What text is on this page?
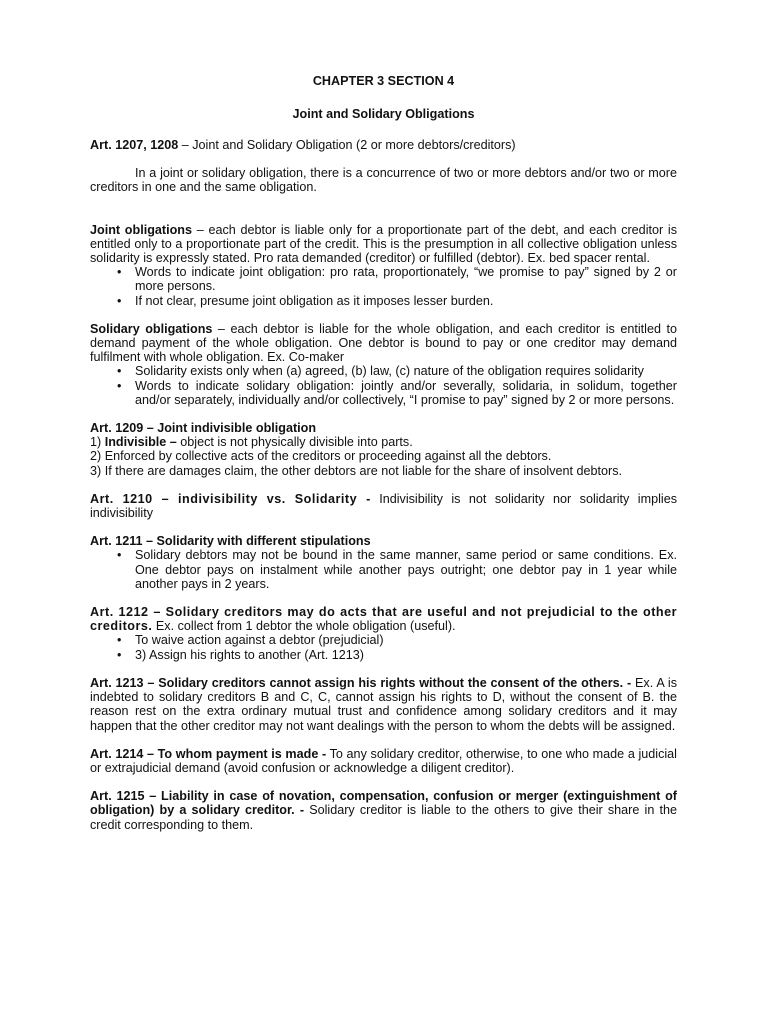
CHAPTER 3 SECTION 4

Joint and Solidary Obligations

Art. 1207, 1208 – Joint and Solidary Obligation (2 or more debtors/creditors)

In a joint or solidary obligation, there is a concurrence of two or more debtors and/or two or more creditors in one and the same obligation.

Joint obligations – each debtor is liable only for a proportionate part of the debt, and each creditor is entitled only to a proportionate part of the credit. This is the presumption in all collective obligation unless solidarity is expressly stated. Pro rata demanded (creditor) or fulfilled (debtor). Ex. bed spacer rental.

• Words to indicate joint obligation: pro rata, proportionately, “we promise to pay” signed by 2 or more persons.
• If not clear, presume joint obligation as it imposes lesser burden.

Solidary obligations – each debtor is liable for the whole obligation, and each creditor is entitled to demand payment of the whole obligation. One debtor is bound to pay or one creditor may demand fulfilment with whole obligation. Ex. Co-maker

• Solidarity exists only when (a) agreed, (b) law, (c) nature of the obligation requires solidarity
• Words to indicate solidary obligation: jointly and/or severally, solidaria, in solidum, together and/or separately, individually and/or collectively, “I promise to pay” signed by 2 or more persons.

Art. 1209 – Joint indivisible obligation

1) Indivisible – object is not physically divisible into parts.

2) Enforced by collective acts of the creditors or proceeding against all the debtors.

3) If there are damages claim, the other debtors are not liable for the share of insolvent debtors.

Art. 1210 – indivisibility vs. Solidarity - Indivisibility is not solidarity nor solidarity implies indivisibility

Art. 1211 – Solidarity with different stipulations

• Solidary debtors may not be bound in the same manner, same period or same conditions. Ex. One debtor pays on instalment while another pays outright; one debtor pay in 1 year while another pays in 2 years.

Art. 1212 – Solidary creditors may do acts that are useful and not prejudicial to the other creditors. Ex. collect from 1 debtor the whole obligation (useful).

• To waive action against a debtor (prejudicial)
• 3) Assign his rights to another (Art. 1213)

Art. 1213 – Solidary creditors cannot assign his rights without the consent of the others. - Ex. A is indebted to solidary creditors B and C, C, cannot assign his rights to D, without the consent of B. the reason rest on the extra ordinary mutual trust and confidence among solidary creditors and it may happen that the other creditor may not want dealings with the person to whom the debts will be assigned.

Art. 1214 – To whom payment is made - To any solidary creditor, otherwise, to one who made a judicial or extrajudicial demand (avoid confusion or acknowledge a diligent creditor).

Art. 1215 – Liability in case of novation, compensation, confusion or merger (extinguishment of obligation) by a solidary creditor. - Solidary creditor is liable to the others to give their share in the credit corresponding to them.
